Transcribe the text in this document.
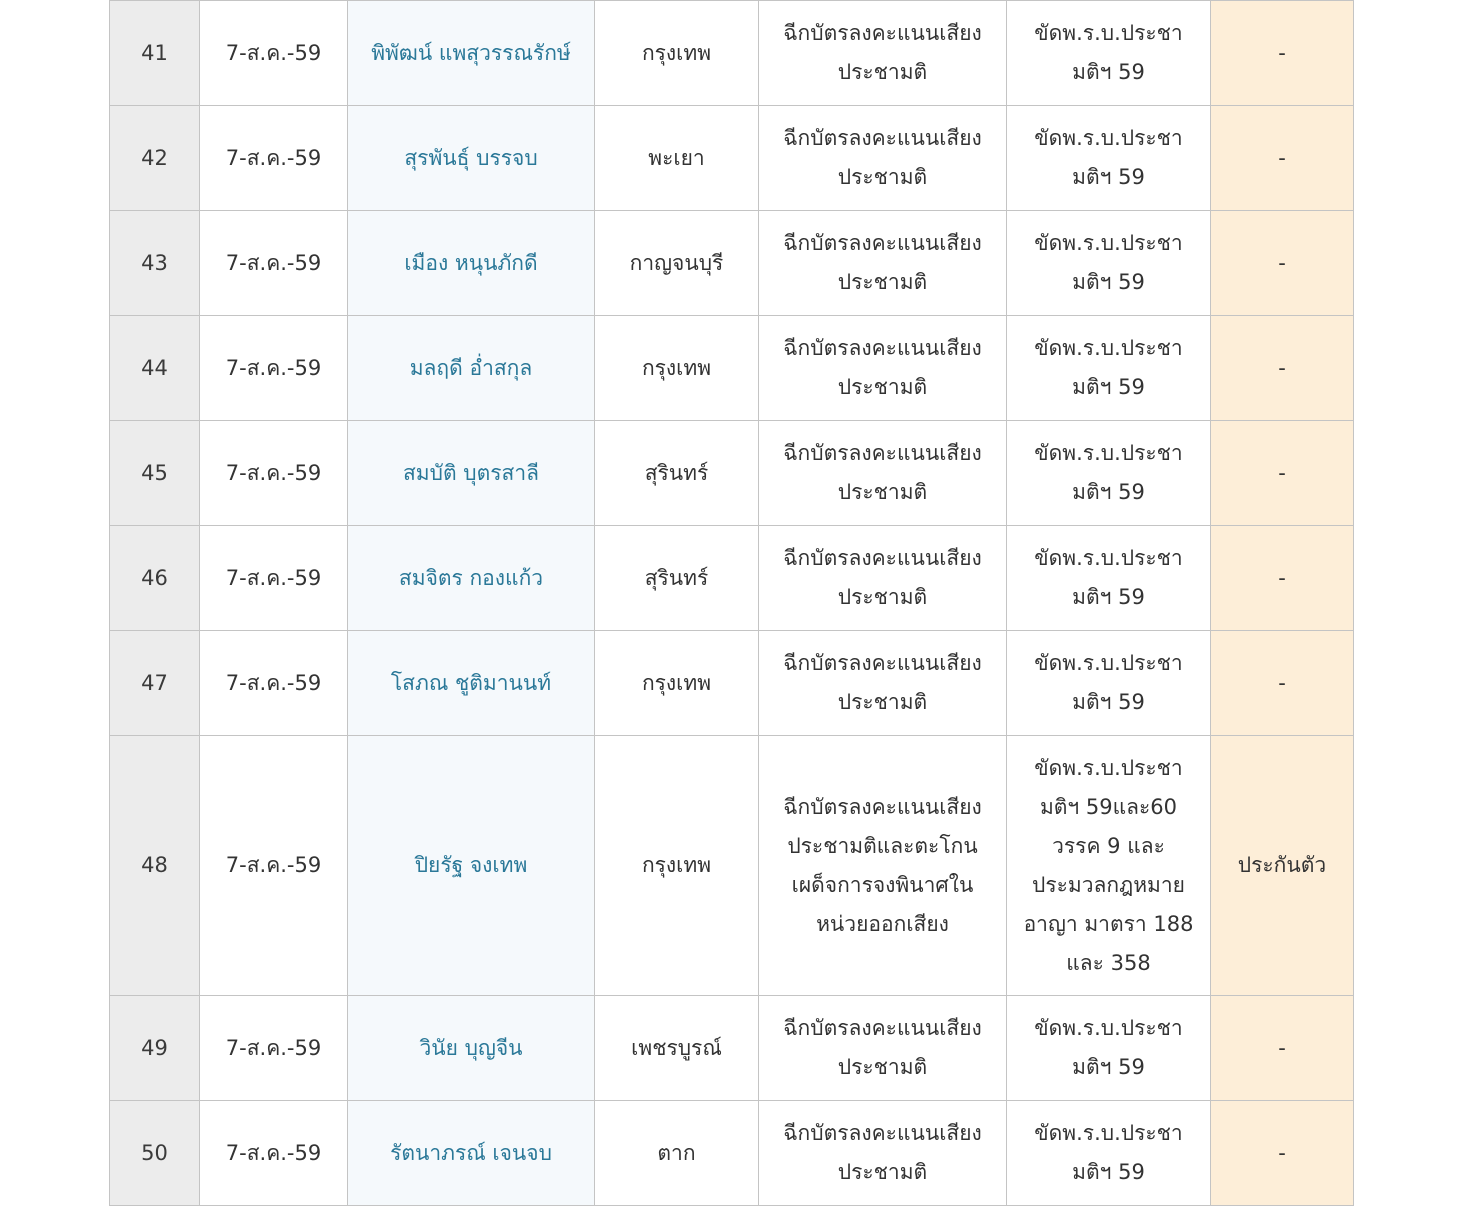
41	7-ส.ค.-59	พิพัฒน์ แพสุวรรณรักษ์	กรุงเทพ	ฉีกบัตรลงคะแนนเสียงประชามติ	ขัดพ.ร.บ.ประชามติฯ 59	-
42	7-ส.ค.-59	สุรพันธุ์ บรรจบ	พะเยา	ฉีกบัตรลงคะแนนเสียงประชามติ	ขัดพ.ร.บ.ประชามติฯ 59	-
43	7-ส.ค.-59	เมือง หนุนภักดี	กาญจนบุรี	ฉีกบัตรลงคะแนนเสียงประชามติ	ขัดพ.ร.บ.ประชามติฯ 59	-
44	7-ส.ค.-59	มลฤดี อ่ำสกุล	กรุงเทพ	ฉีกบัตรลงคะแนนเสียงประชามติ	ขัดพ.ร.บ.ประชามติฯ 59	-
45	7-ส.ค.-59	สมบัติ บุตรสาลี	สุรินทร์	ฉีกบัตรลงคะแนนเสียงประชามติ	ขัดพ.ร.บ.ประชามติฯ 59	-
46	7-ส.ค.-59	สมจิตร กองแก้ว	สุรินทร์	ฉีกบัตรลงคะแนนเสียงประชามติ	ขัดพ.ร.บ.ประชามติฯ 59	-
47	7-ส.ค.-59	โสภณ ชูติมานนท์	กรุงเทพ	ฉีกบัตรลงคะแนนเสียงประชามติ	ขัดพ.ร.บ.ประชามติฯ 59	-
48	7-ส.ค.-59	ปิยรัฐ จงเทพ	กรุงเทพ	ฉีกบัตรลงคะแนนเสียงประชามติและตะโกนเผด็จการจงพินาศในหน่วยออกเสียง	ขัดพ.ร.บ.ประชามติฯ 59และ60 วรรค 9 และประมวลกฎหมายอาญา มาตรา 188 และ 358	ประกันตัว
49	7-ส.ค.-59	วินัย บุญจีน	เพชรบูรณ์	ฉีกบัตรลงคะแนนเสียงประชามติ	ขัดพ.ร.บ.ประชามติฯ 59	-
50	7-ส.ค.-59	รัตนาภรณ์ เจนจบ	ตาก	ฉีกบัตรลงคะแนนเสียงประชามติ	ขัดพ.ร.บ.ประชามติฯ 59	-
